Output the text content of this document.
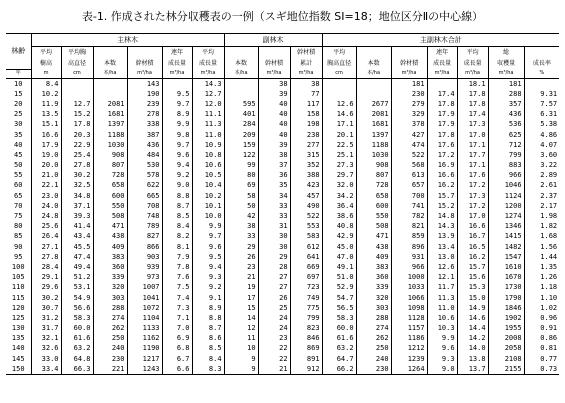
表-1. 作成された林分収穫表の一例（スギ地位指数 SI=18；地位区分Ⅱの中心線）
林齢	主林木						副林木			主副林木合計						
	平均	平均胸			連年	平均			幹材積	平均			連年	平均	総	
	樹高	高直径	本数	幹材積	成長量	成長量	本数	幹材積	累計	胸高直径	本数	幹材積	成長量	成長量	収穫量	成長率
年	m	cm	本/ha	m³/ha	m³/ha	m³/ha	本/ha	m³/ha	m³/ha	cm	本/ha	m³/ha	m³/ha	m³/ha	m³/ha	%
10	8.4			143		14.3		38	38			181		18.1	181	
15	10.2			190	9.5	12.7		39	77			230	17.4	17.8	288	9.31
20	11.9	12.7	2081	239	9.7	12.0	595	40	117	12.6	2677	279	17.8	17.8	357	7.57
25	13.5	15.2	1681	278	8.9	11.1	401	40	158	14.6	2081	329	17.9	17.4	436	6.31
30	15.1	17.8	1397	338	9.9	11.3	284	40	198	17.1	1681	378	17.9	17.3	536	5.38
35	16.6	20.3	1188	387	9.8	11.0	209	40	238	20.1	1397	427	17.8	17.0	625	4.86
40	17.9	22.9	1030	436	9.7	10.9	159	39	277	22.5	1188	474	17.6	17.1	712	4.07
45	19.0	25.4	908	484	9.6	10.8	122	38	315	25.1	1030	522	17.2	17.7	799	3.60
50	20.0	27.8	807	530	9.4	10.6	99	37	352	27.3	908	568	16.9	17.1	883	3.22
55	21.0	30.2	728	578	9.2	10.5	80	36	388	29.7	807	613	16.6	17.6	966	2.89
60	22.1	32.5	658	622	9.0	10.4	69	35	423	32.0	728	657	16.2	17.2	1046	2.61
65	23.0	34.8	600	665	8.8	10.2	58	34	457	34.2	658	700	15.7	17.3	1124	2.37
70	24.0	37.1	550	708	8.7	10.1	50	33	490	36.4	600	741	15.2	17.2	1200	2.17
75	24.8	39.3	508	748	8.5	10.0	42	33	522	38.6	550	782	14.8	17.0	1274	1.98
80	25.6	41.4	471	789	8.4	9.9	38	31	553	40.8	508	821	14.3	16.6	1346	1.82
85	26.4	43.4	438	827	8.2	9.7	33	30	583	42.9	471	859	13.9	16.7	1415	1.68
90	27.1	45.5	409	866	8.1	9.6	29	30	612	45.0	438	896	13.4	16.5	1482	1.56
95	27.8	47.4	383	903	7.9	9.5	26	29	641	47.0	409	931	13.0	16.2	1547	1.44
100	28.4	49.4	360	939	7.8	9.4	23	28	669	49.1	383	966	12.6	15.7	1610	1.35
105	29.1	51.2	339	973	7.6	9.3	21	27	697	51.0	360	1000	12.1	15.6	1670	1.26
110	29.6	53.1	320	1007	7.5	9.2	19	27	723	52.9	339	1033	11.7	15.3	1730	1.18
115	30.2	54.9	303	1041	7.4	9.1	17	26	749	54.7	320	1066	11.3	15.0	1790	1.10
120	30.7	56.6	288	1072	7.3	8.9	15	25	775	56.5	303	1098	11.0	14.9	1846	1.02
125	31.2	58.3	274	1104	7.1	8.8	14	24	799	58.3	288	1128	10.6	14.6	1902	0.96
130	31.7	60.0	262	1133	7.0	8.7	12	24	823	60.0	274	1157	10.3	14.4	1955	0.91
135	32.1	61.6	250	1162	6.9	8.6	11	23	846	61.6	262	1186	9.9	14.2	2008	0.86
140	32.6	63.2	240	1190	6.8	8.5	10	22	869	63.2	250	1212	9.6	14.0	2058	0.81
145	33.0	64.8	230	1217	6.7	8.4	9	22	891	64.7	240	1239	9.3	13.8	2108	0.77
150	33.4	66.3	221	1243	6.6	8.3	9	21	912	66.2	230	1264	9.0	13.7	2155	0.73
